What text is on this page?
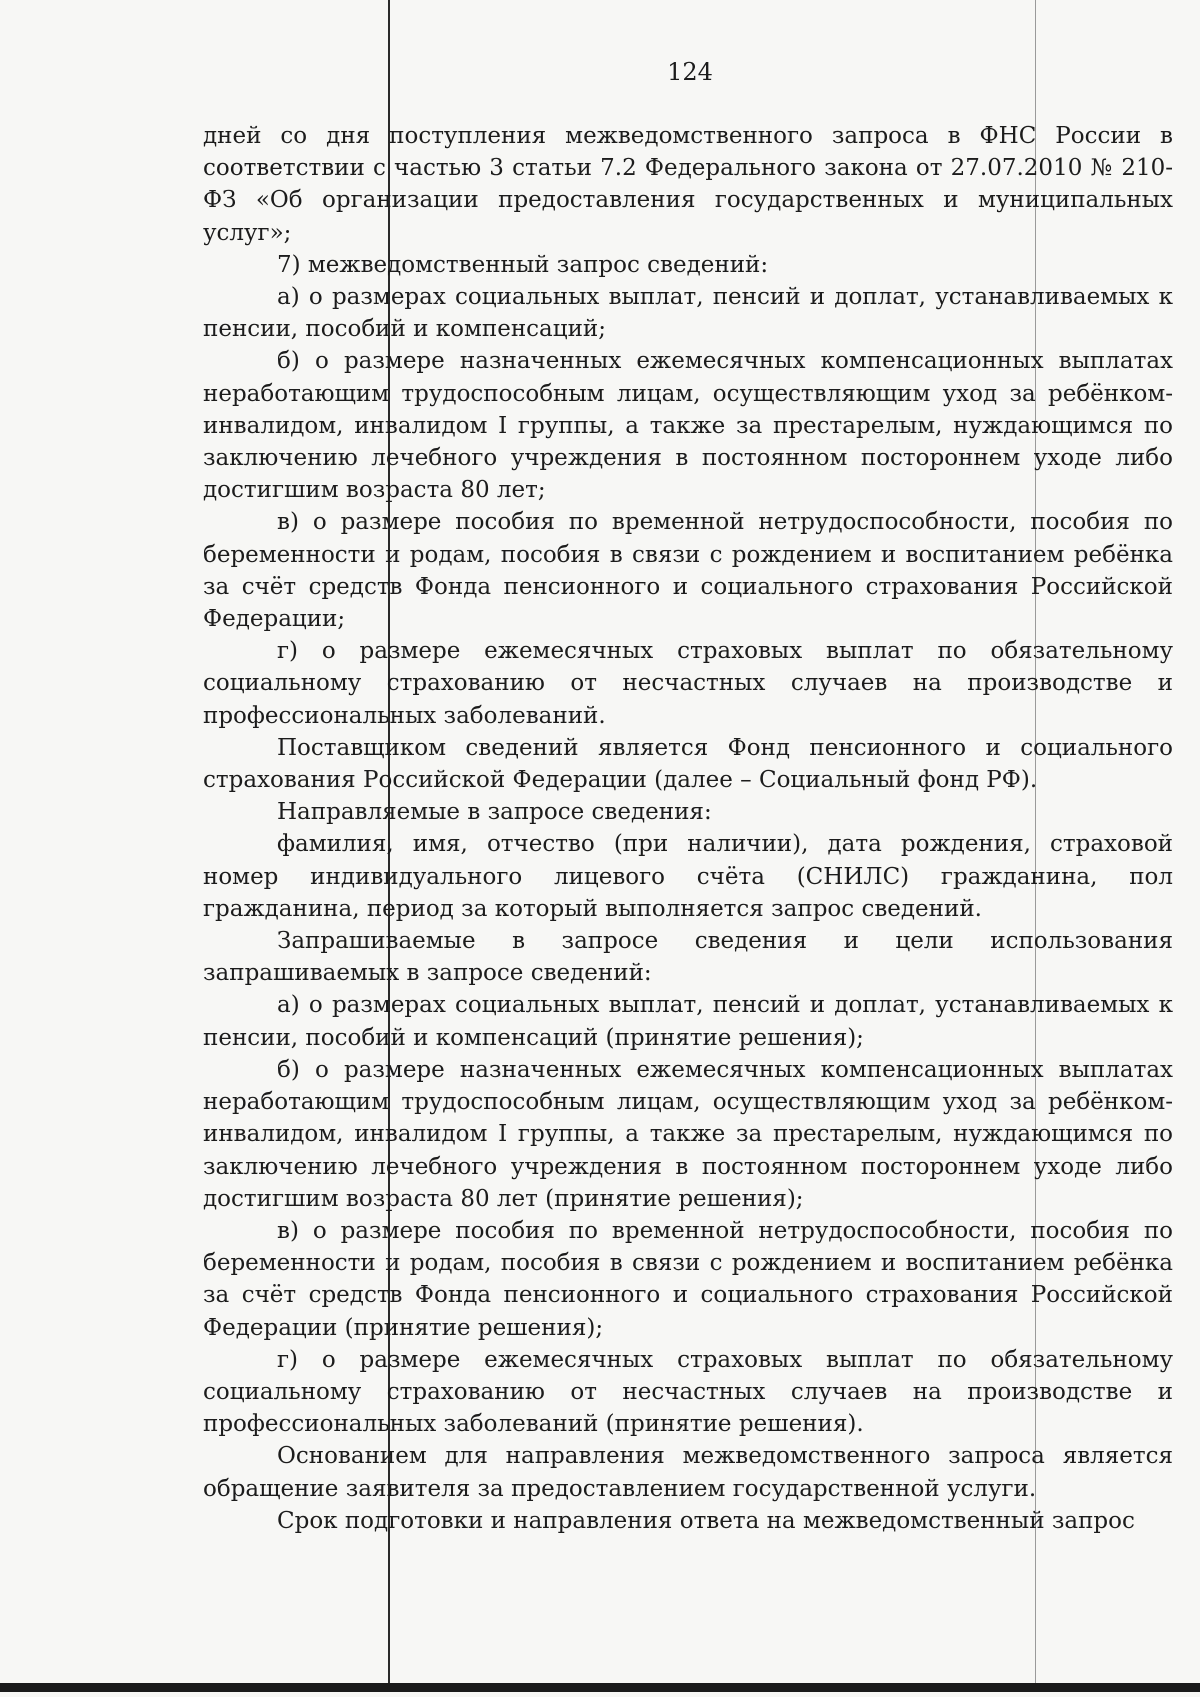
124

дней со дня поступления межведомственного запроса в ФНС России в соответствии с частью 3 статьи 7.2 Федерального закона от 27.07.2010 № 210-ФЗ «Об организации предоставления государственных и муниципальных услуг»;

7) межведомственный запрос сведений:

а) о размерах социальных выплат, пенсий и доплат, устанавливаемых к пенсии, пособий и компенсаций;

б) о размере назначенных ежемесячных компенсационных выплатах неработающим трудоспособным лицам, осуществляющим уход за ребёнком-инвалидом, инвалидом I группы, а также за престарелым, нуждающимся по заключению лечебного учреждения в постоянном постороннем уходе либо достигшим возраста 80 лет;

в) о размере пособия по временной нетрудоспособности, пособия по беременности и родам, пособия в связи с рождением и воспитанием ребёнка за счёт средств Фонда пенсионного и социального страхования Российской Федерации;

г) о размере ежемесячных страховых выплат по обязательному социальному страхованию от несчастных случаев на производстве и профессиональных заболеваний.

Поставщиком сведений является Фонд пенсионного и социального страхования Российской Федерации (далее – Социальный фонд РФ).

Направляемые в запросе сведения:

фамилия, имя, отчество (при наличии), дата рождения, страховой номер индивидуального лицевого счёта (СНИЛС) гражданина, пол гражданина, период за который выполняется запрос сведений.

Запрашиваемые в запросе сведения и цели использования запрашиваемых в запросе сведений:

а) о размерах социальных выплат, пенсий и доплат, устанавливаемых к пенсии, пособий и компенсаций (принятие решения);

б) о размере назначенных ежемесячных компенсационных выплатах неработающим трудоспособным лицам, осуществляющим уход за ребёнком-инвалидом, инвалидом I группы, а также за престарелым, нуждающимся по заключению лечебного учреждения в постоянном постороннем уходе либо достигшим возраста 80 лет (принятие решения);

в) о размере пособия по временной нетрудоспособности, пособия по беременности и родам, пособия в связи с рождением и воспитанием ребёнка за счёт средств Фонда пенсионного и социального страхования Российской Федерации (принятие решения);

г) о размере ежемесячных страховых выплат по обязательному социальному страхованию от несчастных случаев на производстве и профессиональных заболеваний (принятие решения).

Основанием для направления межведомственного запроса является обращение заявителя за предоставлением государственной услуги.

Срок подготовки и направления ответа на межведомственный запрос
